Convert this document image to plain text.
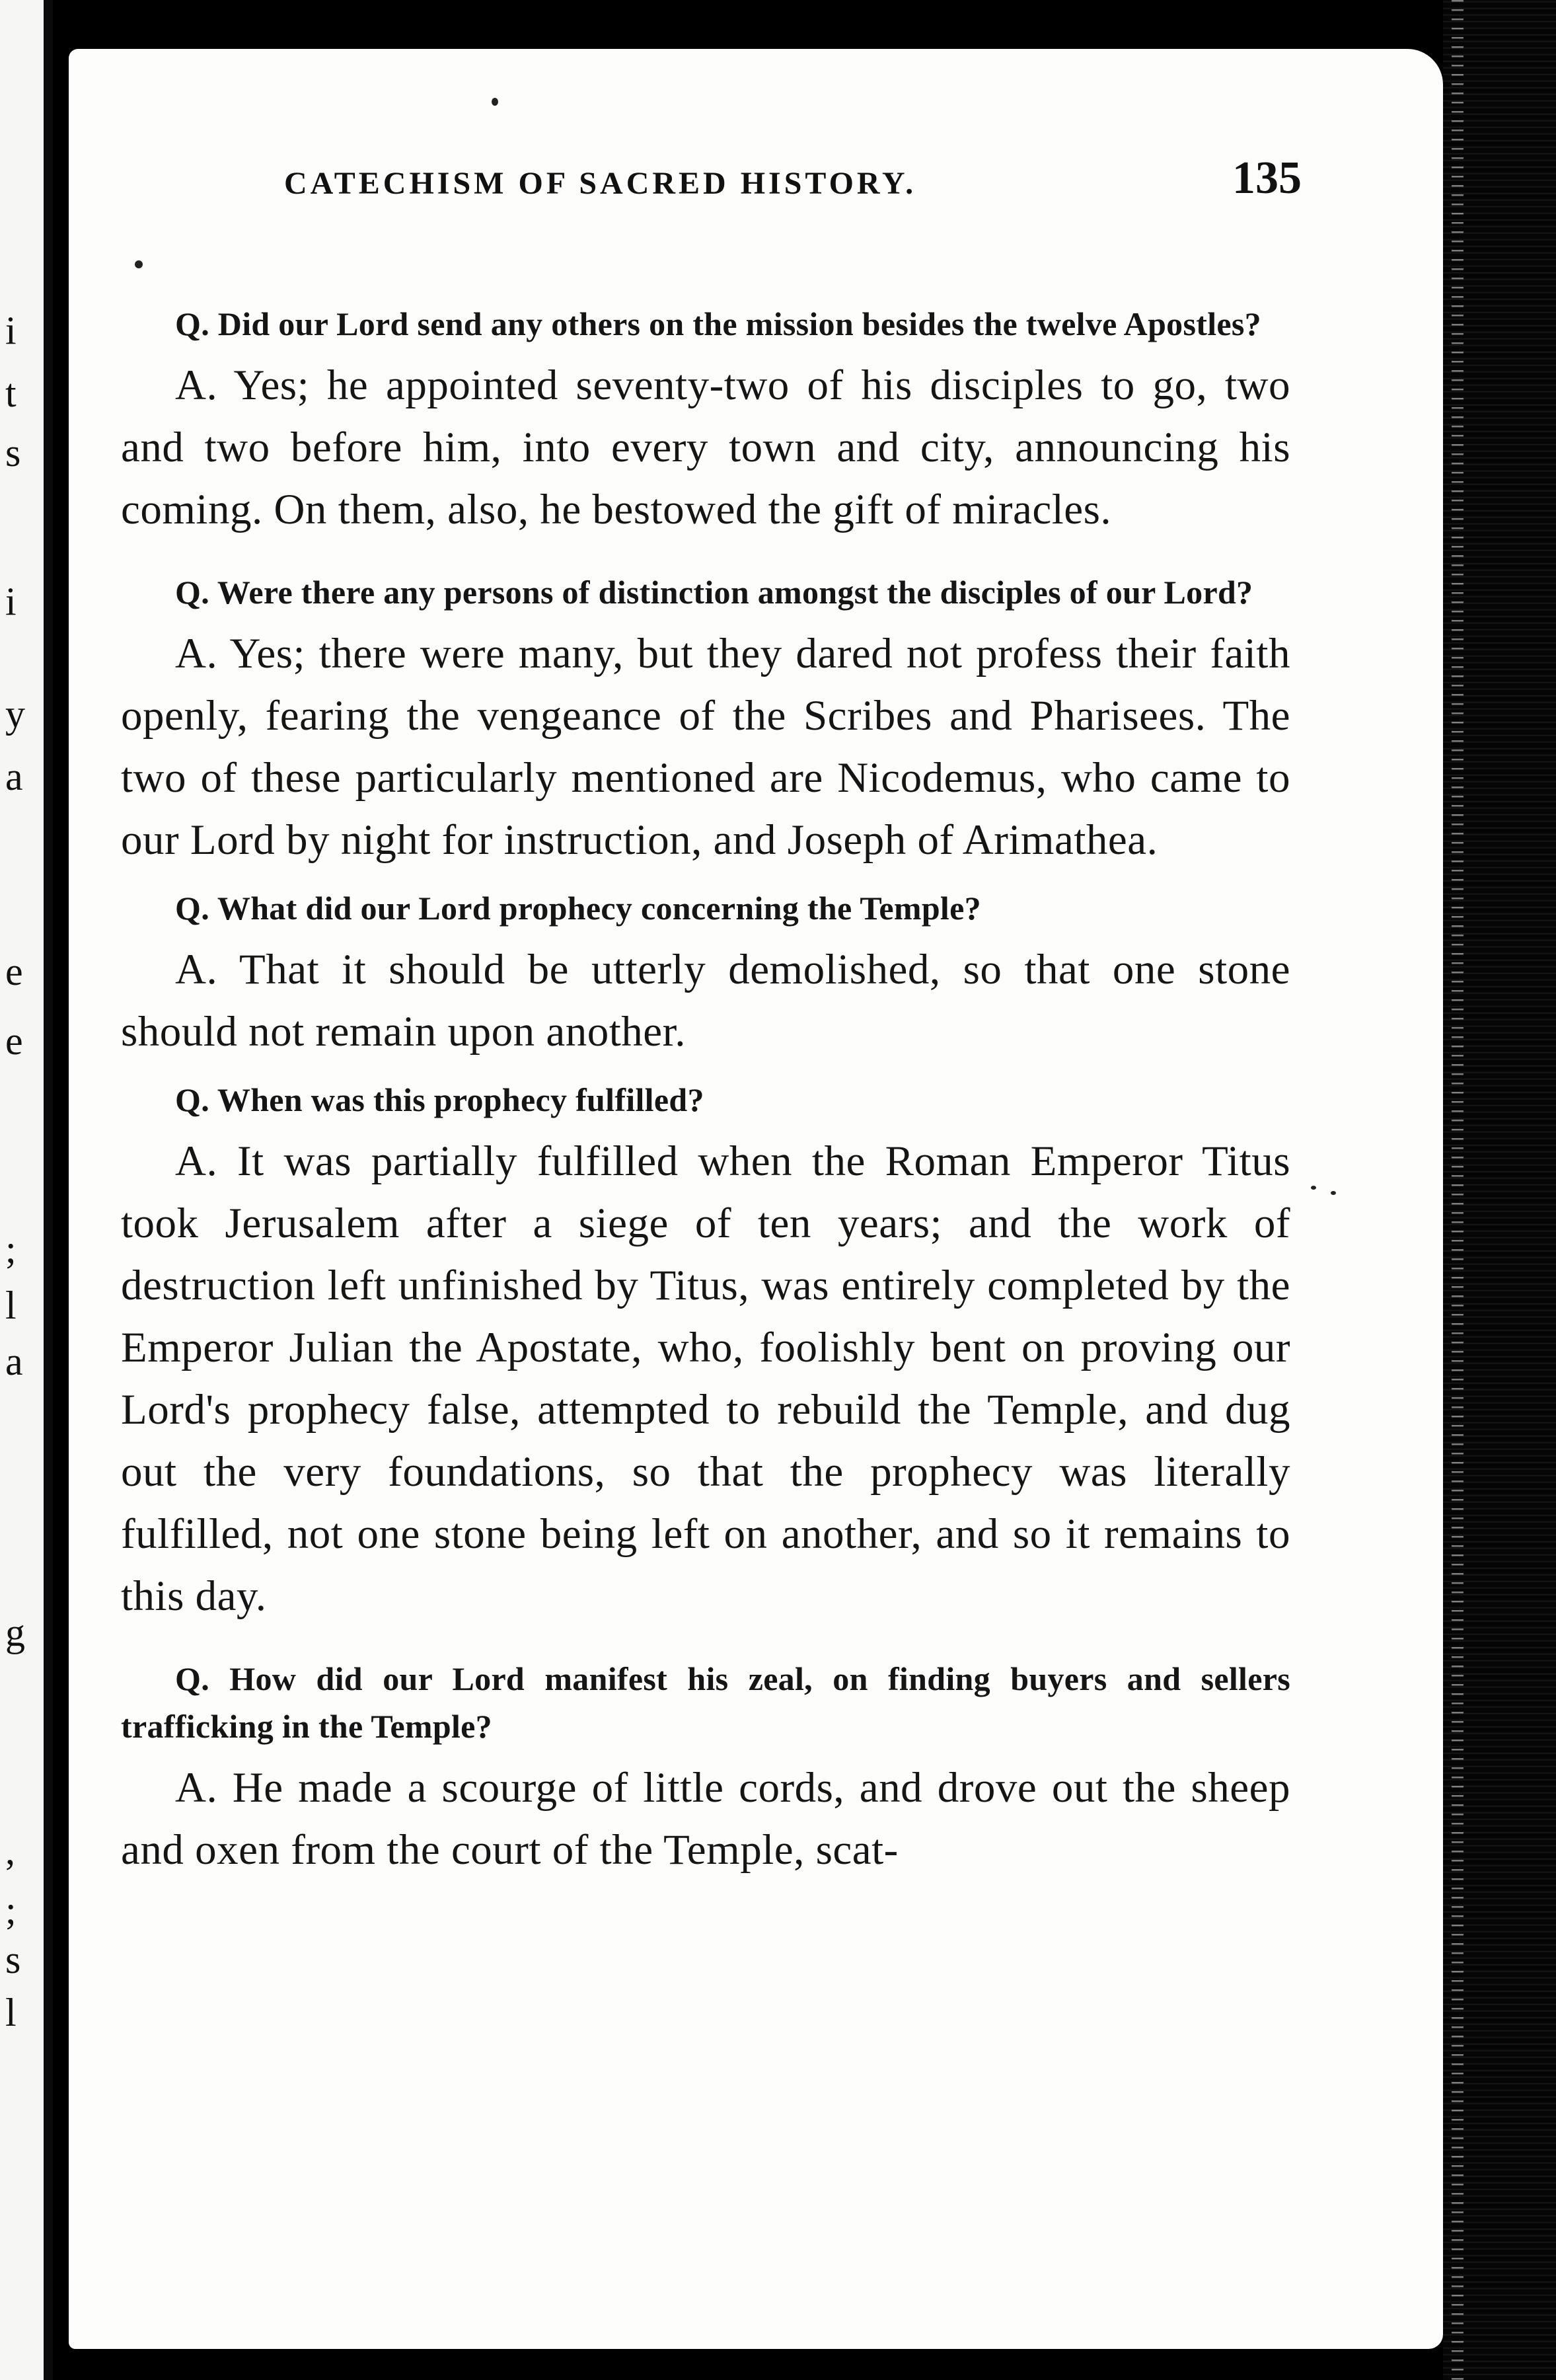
i
t
s
i
y
a
e
e
;
l
a
g
,
;
s
l
CATECHISM OF SACRED HISTORY.	135

Q. Did our Lord send any others on the mission besides the twelve Apostles?

A. Yes; he appointed seventy-two of his disciples to go, two and two before him, into every town and city, announcing his coming. On them, also, he bestowed the gift of miracles.

Q. Were there any persons of distinction amongst the disciples of our Lord?

A. Yes; there were many, but they dared not profess their faith openly, fearing the vengeance of the Scribes and Pharisees. The two of these particularly mentioned are Nicodemus, who came to our Lord by night for instruction, and Joseph of Arimathea.

Q. What did our Lord prophecy concerning the Temple?

A. That it should be utterly demolished, so that one stone should not remain upon another.

Q. When was this prophecy fulfilled?

A. It was partially fulfilled when the Roman Emperor Titus took Jerusalem after a siege of ten years; and the work of destruction left unfinished by Titus, was entirely completed by the Emperor Julian the Apostate, who, foolishly bent on proving our Lord's prophecy false, attempted to rebuild the Temple, and dug out the very foundations, so that the prophecy was literally fulfilled, not one stone being left on another, and so it remains to this day.

Q. How did our Lord manifest his zeal, on finding buyers and sellers trafficking in the Temple?

A. He made a scourge of little cords, and drove out the sheep and oxen from the court of the Temple, scat-
